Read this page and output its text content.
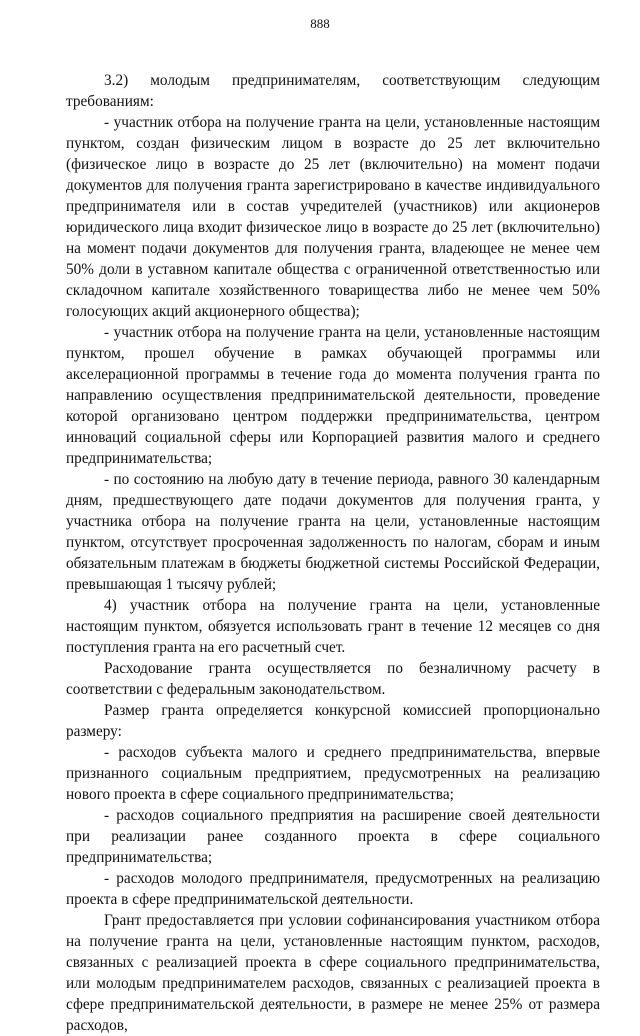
888

3.2) молодым предпринимателям, соответствующим следующим требованиям:

- участник отбора на получение гранта на цели, установленные настоящим пунктом, создан физическим лицом в возрасте до 25 лет включительно (физическое лицо в возрасте до 25 лет (включительно) на момент подачи документов для получения гранта зарегистрировано в качестве индивидуального предпринимателя или в состав учредителей (участников) или акционеров юридического лица входит физическое лицо в возрасте до 25 лет (включительно) на момент подачи документов для получения гранта, владеющее не менее чем 50% доли в уставном капитале общества с ограниченной ответственностью или складочном капитале хозяйственного товарищества либо не менее чем 50% голосующих акций акционерного общества);

- участник отбора на получение гранта на цели, установленные настоящим пунктом, прошел обучение в рамках обучающей программы или акселерационной программы в течение года до момента получения гранта по направлению осуществления предпринимательской деятельности, проведение которой организовано центром поддержки предпринимательства, центром инноваций социальной сферы или Корпорацией развития малого и среднего предпринимательства;

- по состоянию на любую дату в течение периода, равного 30 календарным дням, предшествующего дате подачи документов для получения гранта, у участника отбора на получение гранта на цели, установленные настоящим пунктом, отсутствует просроченная задолженность по налогам, сборам и иным обязательным платежам в бюджеты бюджетной системы Российской Федерации, превышающая 1 тысячу рублей;

4) участник отбора на получение гранта на цели, установленные настоящим пунктом, обязуется использовать грант в течение 12 месяцев со дня поступления гранта на его расчетный счет.

Расходование гранта осуществляется по безналичному расчету в соответствии с федеральным законодательством.

Размер гранта определяется конкурсной комиссией пропорционально размеру:

- расходов субъекта малого и среднего предпринимательства, впервые признанного социальным предприятием, предусмотренных на реализацию нового проекта в сфере социального предпринимательства;

- расходов социального предприятия на расширение своей деятельности при реализации ранее созданного проекта в сфере социального предпринимательства;

- расходов молодого предпринимателя, предусмотренных на реализацию проекта в сфере предпринимательской деятельности.

Грант предоставляется при условии софинансирования участником отбора на получение гранта на цели, установленные настоящим пунктом, расходов, связанных с реализацией проекта в сфере социального предпринимательства, или молодым предпринимателем расходов, связанных с реализацией проекта в сфере предпринимательской деятельности, в размере не менее 25% от размера расходов,
